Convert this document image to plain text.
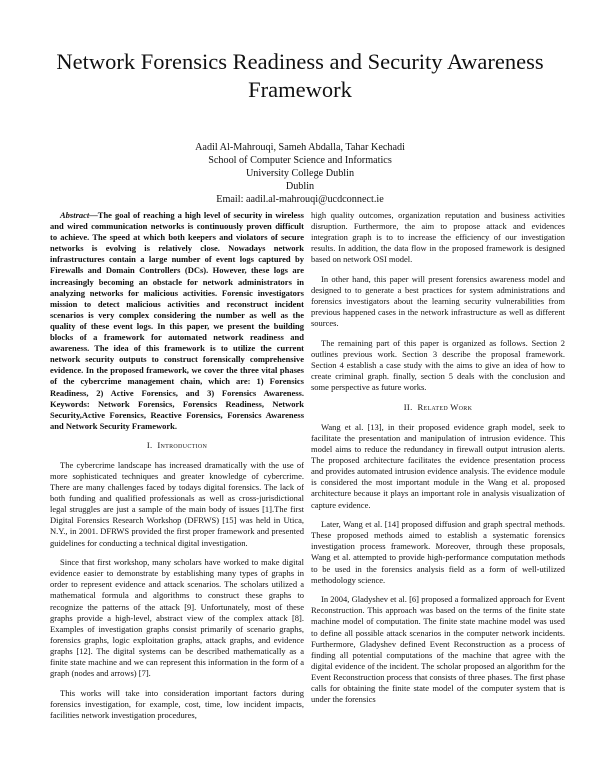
Network Forensics Readiness and Security Awareness Framework
Aadil Al-Mahrouqi, Sameh Abdalla, Tahar Kechadi
School of Computer Science and Informatics
University College Dublin
Dublin
Email: aadil.al-mahrouqi@ucdconnect.ie

Abstract—The goal of reaching a high level of security in wireless and wired communication networks is continuously proven difficult to achieve. The speed at which both keepers and violators of secure networks is evolving is relatively close. Nowadays network infrastructures contain a large number of event logs captured by Firewalls and Domain Controllers (DCs). However, these logs are increasingly becoming an obstacle for network administrators in analyzing networks for malicious activities. Forensic investigators mission to detect malicious activities and reconstruct incident scenarios is very complex considering the number as well as the quality of these event logs. In this paper, we present the building blocks of a framework for automated network readiness and awareness. The idea of this framework is to utilize the current network security outputs to construct forensically comprehensive evidence. In the proposed framework, we cover the three vital phases of the cybercrime management chain, which are: 1) Forensics Readiness, 2) Active Forensics, and 3) Forensics Awareness. Keywords: Network Forensics, Forensics Readiness, Network Security,Active Forensics, Reactive Forensics, Forensics Awareness and Network Security Framework.

I. Introduction

The cybercrime landscape has increased dramatically with the use of more sophisticated techniques and greater knowledge of cybercrime. There are many challenges faced by todays digital forensics. The lack of both funding and qualified professionals as well as cross-jurisdictional legal struggles are just a sample of the main body of issues [1].The first Digital Forensics Research Workshop (DFRWS) [15] was held in Utica, N.Y., in 2001. DFRWS provided the first proper framework and presented guidelines for conducting a technical digital investigation.

Since that first workshop, many scholars have worked to make digital evidence easier to demonstrate by establishing many types of graphs in order to represent evidence and attack scenarios. The scholars utilized a mathematical formula and algorithms to construct these graphs to recognize the patterns of the attack [9]. Unfortunately, most of these graphs provide a high-level, abstract view of the complex attack [8]. Examples of investigation graphs consist primarily of scenario graphs, forensics graphs, logic exploitation graphs, attack graphs, and evidence graphs [12]. The digital systems can be described mathematically as a finite state machine and we can represent this information in the form of a graph (nodes and arrows) [7].

This works will take into consideration important factors during forensics investigation, for example, cost, time, low incident impacts, facilities network investigation procedures,

high quality outcomes, organization reputation and business activities disruption. Furthermore, the aim to propose attack and evidences integration graph is to to increase the efficiency of our investigation results. In addition, the data flow in the proposed framework is designed based on network OSI model.

In other hand, this paper will present forensics awareness model and designed to to generate a best practices for system administrations and forensics investigators about the learning security vulnerabilities from previous happened cases in the network infrastructure as well as different sources.

The remaining part of this paper is organized as follows. Section 2 outlines previous work. Section 3 describe the proposal framework. Section 4 establish a case study with the aims to give an idea of how to create criminal graph. finally, section 5 deals with the conclusion and some perspective as future works.

II. Related Work

Wang et al. [13], in their proposed evidence graph model, seek to facilitate the presentation and manipulation of intrusion evidence. This model aims to reduce the redundancy in firewall output intrusion alerts. The proposed architecture facilitates the evidence presentation process and provides automated intrusion evidence analysis. The evidence module is considered the most important module in the Wang et al. proposed architecture because it plays an important role in analysis visualization of capture evidence.

Later, Wang et al. [14] proposed diffusion and graph spectral methods. These proposed methods aimed to establish a systematic forensics investigation process framework. Moreover, through these proposals, Wang et al. attempted to provide high-performance computation methods to be used in the forensics analysis field as a form of well-utilized methodology science.

In 2004, Gladyshev et al. [6] proposed a formalized approach for Event Reconstruction. This approach was based on the terms of the finite state machine model of computation. The finite state machine model was used to define all possible attack scenarios in the computer network incidents. Furthermore, Gladyshev defined Event Reconstruction as a process of finding all potential computations of the machine that agree with the digital evidence of the incident. The scholar proposed an algorithm for the Event Reconstruction process that consists of three phases. The first phase calls for obtaining the finite state model of the computer system that is under the forensics
